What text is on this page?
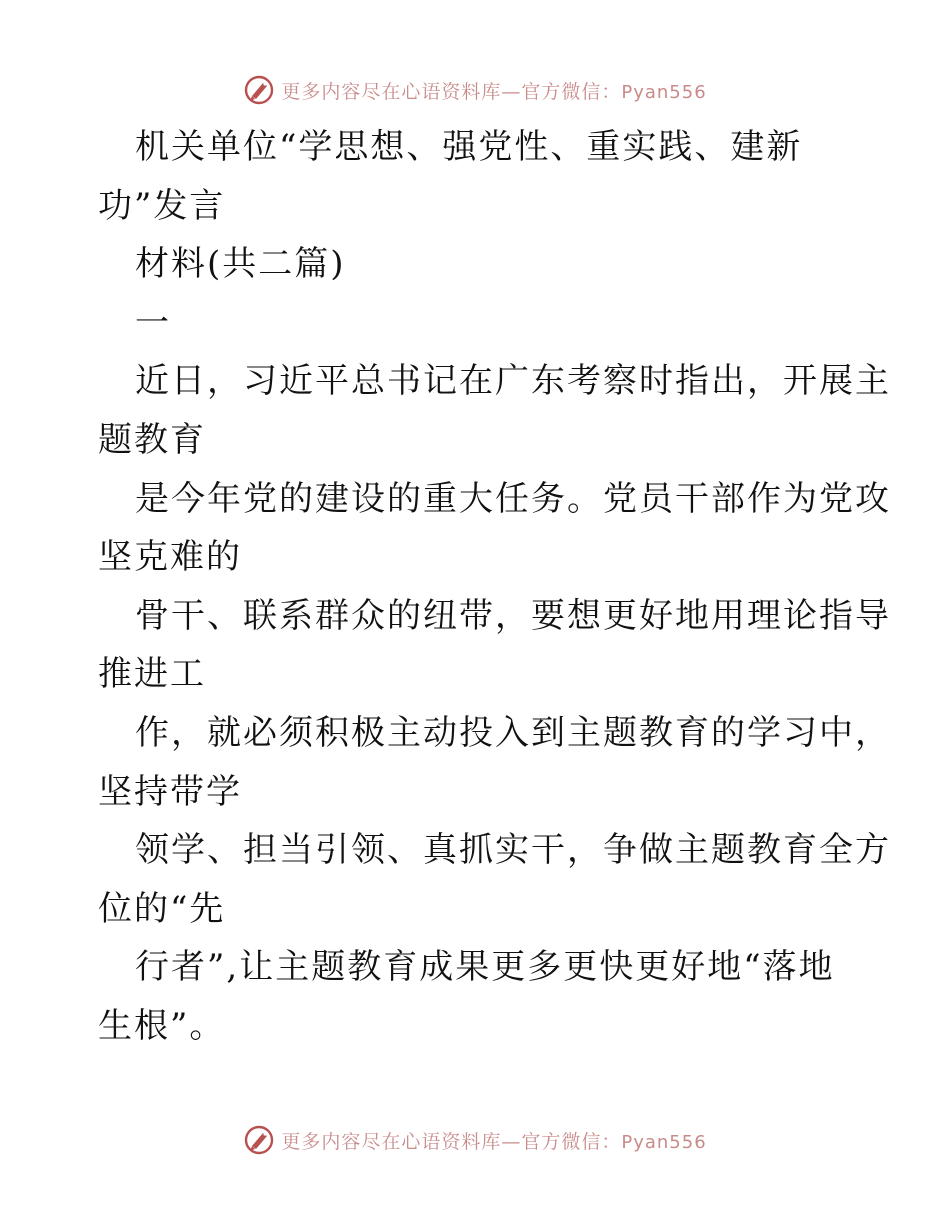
更多内容尽在心语资料库—官方微信：Pyan556
机关单位“学思想、强党性、重实践、建新
功”发言
材料(共二篇)
一
近日，习近平总书记在广东考察时指出，开展主
题教育
是今年党的建设的重大任务。党员干部作为党攻
坚克难的
骨干、联系群众的纽带，要想更好地用理论指导
推进工
作，就必须积极主动投入到主题教育的学习中，
坚持带学
领学、担当引领、真抓实干，争做主题教育全方
位的“先
行者”,让主题教育成果更多更快更好地“落地
生根”。
更多内容尽在心语资料库—官方微信：Pyan556
